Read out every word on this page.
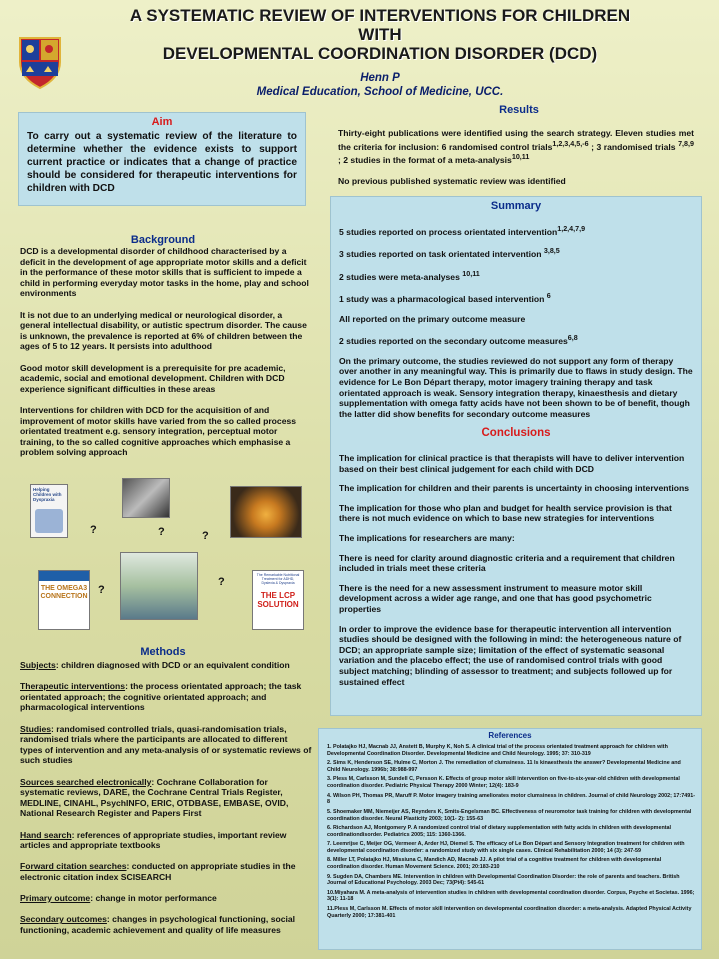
A SYSTEMATIC REVIEW OF INTERVENTIONS FOR CHILDREN
WITH
DEVELOPMENTAL COORDINATION DISORDER (DCD)
Henn P
Medical Education, School of Medicine, UCC.
Aim
To carry out a systematic review of the literature to determine whether the evidence exists to support current practice or indicates that a change of practice should be considered for therapeutic interventions for children with DCD
Background

DCD is a developmental disorder of childhood characterised by a deficit in the development of age appropriate motor skills and a deficit in the performance of these motor skills that is sufficient to impede a child in performing everyday motor tasks in the home, play and school environments

It is not due to an underlying medical or neurological disorder, a general intellectual disability, or autistic spectrum disorder. The cause is unknown, the prevalence is reported at 6% of children between the ages of 5 to 12 years. It persists into adulthood

Good motor skill development is a prerequisite for pre academic, academic, social and emotional development. Children with DCD experience significant difficulties in these areas

Interventions for children with DCD for the acquisition of and improvement of motor skills have varied from the so called process orientated treatment e.g. sensory integration, perceptual motor training, to the so called cognitive approaches which emphasise a problem solving approach

Helping Children with Dyspraxia
THE OMEGA3 CONNECTION
The Remarkable Nutritional Treatment for ADHD, Dyslexia & Dyspraxia
THE LCP SOLUTION
?	?	?
?
?
Methods

Subjects: children diagnosed with DCD or an equivalent condition

Therapeutic interventions: the process orientated approach; the task orientated approach; the cognitive orientated approach; and pharmacological interventions

Studies: randomised controlled trials, quasi-randomisation trials, randomised trials where the participants are allocated to different types of intervention and any meta-analysis of or systematic reviews of such studies

Sources searched electronically: Cochrane Collaboration for systematic reviews, DARE, the Cochrane Central Trials Register, MEDLINE, CINAHL, PsychINFO, ERIC, OTDBASE, EMBASE, OVID, National Research Register and Papers First

Hand search: references of appropriate studies, important review articles and appropriate textbooks

Forward citation searches: conducted on appropriate studies in the electronic citation index SCISEARCH

Primary outcome: change in motor performance

Secondary outcomes: changes in psychological functioning, social functioning, academic achievement and quality of life measures

Results

Thirty-eight publications were identified using the search strategy. Eleven studies met the criteria for inclusion: 6 randomised control trials$^{1,2,3,4,5,-6}$ ; 3 randomised trials $^{7,8,9}$ ; 2 studies in the format of a meta-analysis$^{10,11}$

No previous published systematic review was identified

Summary

5 studies reported on process orientated intervention$^{1,2,4,7,9}$

3 studies reported on task orientated intervention $^{3,8,5}$

2 studies were meta-analyses $^{10,11}$

1 study was a pharmacological based intervention $^6$

All reported on the primary outcome measure

2 studies reported on the secondary outcome measures$^{6,8}$

On the primary outcome, the studies reviewed do not support any form of therapy over another in any meaningful way. This is primarily due to flaws in study design. The evidence for Le Bon Départ therapy, motor imagery training therapy and task orientated approach is weak. Sensory integration therapy, kinaesthesis and dietary supplementation with omega fatty acids have not been shown to be of benefit, though the latter did show benefits for secondary outcome measures

Conclusions

The implication for clinical practice is that therapists will have to deliver intervention based on their best clinical judgement for each child with DCD

The implication for children and their parents is uncertainty in choosing interventions

The implication for those who plan and budget for health service provision is that there is not much evidence on which to base new strategies for interventions

The implications for researchers are many:

There is need for clarity around diagnostic criteria and a requirement that children included in trials meet these criteria

There is the need for a new assessment instrument to measure motor skill development across a wider age range, and one that has good psychometric properties

In order to improve the evidence base for therapeutic intervention all intervention studies should be designed with the following in mind: the heterogeneous nature of DCD; an appropriate sample size; limitation of the effect of systematic seasonal variation and the placebo effect; the use of randomised control trials with good subject matching; blinding of assessor to treatment; and subjects followed up for sustained effect

References
1. Polatajko HJ, Macnab JJ, Anstett B, Murphy K, Noh S. A clinical trial of the process orientated treatment approach for children with Developmental Coordination Disorder. Developmental Medicine and Child Neurology. 1995; 37: 310-319
2. Sims K, Henderson SE, Hulme C, Morton J. The remediation of clumsiness. 11 Is kinaesthesis the answer? Developmental Medicine and Child Neurology. 1996b; 38:988-997
3. Pless M, Carlsson M, Sundell C, Persson K. Effects of group motor skill intervention on five-to-six-year-old children with developmental coordination disorder. Pediatric Physical Therapy 2000 Winter; 12(4): 183-9
4. Wilson PH, Thomas PR, Maruff P. Motor imagery training ameliorates motor clumsiness in children. Journal of child Neurology 2002; 17:7491-8
5. Shoemaker MM, Niemeijer AS, Reynders K, Smits-Engelsman BC. Effectiveness of neuromotor task training for children with developmental coordination disorder. Neural Plasticity 2003; 10(1- 2): 155-63
6. Richardson AJ, Montgomery P. A randomized control trial of dietary supplementation with fatty acids in children with developmental coordinationdisorder. Pediatrics 2005; 115: 1360-1366.
7. Leemrijse C, Meijer OG, Vermeer A, Arder HJ, Diemel S. The efficacy of Le Bon Départ and Sensory Integration treatment for children with developmental coordination disorder: a randomized study with six single cases. Clinical Rehabilitation 2000; 14 (3): 247-59
8. Miller LT, Polatajko HJ, Missiuna C, Mandich AD, Macnab JJ. A pilot trial of a cognitive treatment for children with developmental coordination disorder. Human Movement Science. 2001; 20:183-210
9. Sugden DA, Chambers ME. Intervention in children with Developmental Coordination Disorder: the role of parents and teachers. British Journal of Educational Psychology. 2003 Dec; 73(Pt4): 545-61
10.Miyahara M. A meta-analysis of intervention studies in children with developmental coordination disorder. Corpus, Psyche et Societas. 1996; 3(1): 11-18
11.Pless M, Carlsson M. Effects of motor skill intervention on developmental coordination disorder: a meta-analysis. Adapted Physical Activity Quarterly 2000; 17:381-401
